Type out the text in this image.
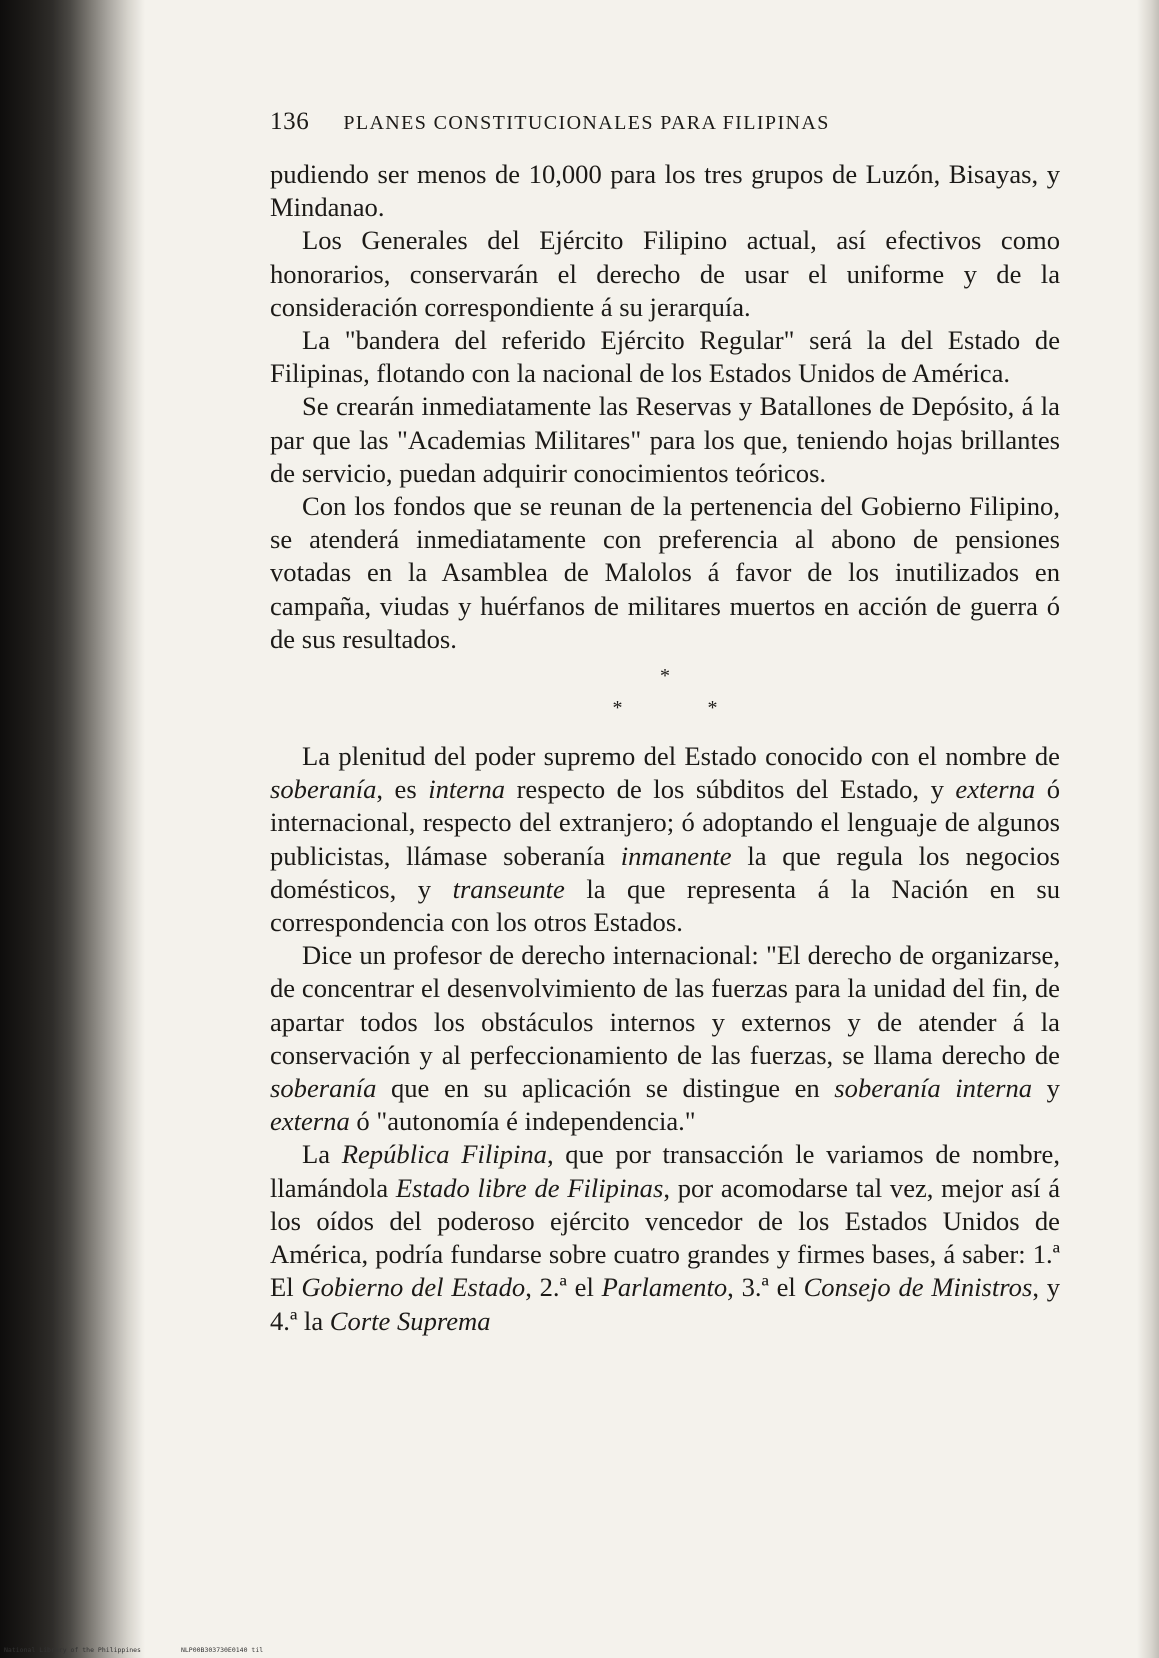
136 PLANES CONSTITUCIONALES PARA FILIPINAS

pudiendo ser menos de 10,000 para los tres grupos de Luzón, Bisayas, y Mindanao.

Los Generales del Ejército Filipino actual, así efectivos como honorarios, conservarán el derecho de usar el uniforme y de la consideración correspondiente á su jerarquía.

La "bandera del referido Ejército Regular" será la del Estado de Filipinas, flotando con la nacional de los Estados Unidos de América.

Se crearán inmediatamente las Reservas y Batallones de Depósito, á la par que las "Academias Militares" para los que, teniendo hojas brillantes de servicio, puedan adquirir conocimientos teóricos.

Con los fondos que se reunan de la pertenencia del Gobierno Filipino, se atenderá inmediatamente con preferencia al abono de pensiones votadas en la Asamblea de Malolos á favor de los inutilizados en campaña, viudas y huérfanos de militares muertos en acción de guerra ó de sus resultados.

*
* *

La plenitud del poder supremo del Estado conocido con el nombre de soberanía, es interna respecto de los súbditos del Estado, y externa ó internacional, respecto del extranjero; ó adoptando el lenguaje de algunos publicistas, llámase soberanía inmanente la que regula los negocios domésticos, y transeunte la que representa á la Nación en su correspondencia con los otros Estados.

Dice un profesor de derecho internacional: "El derecho de organizarse, de concentrar el desenvolvimiento de las fuerzas para la unidad del fin, de apartar todos los obstáculos internos y externos y de atender á la conservación y al perfeccionamiento de las fuerzas, se llama derecho de soberanía que en su aplicación se distingue en soberanía interna y externa ó "autonomía é independencia."

La República Filipina, que por transacción le variamos de nombre, llamándola Estado libre de Filipinas, por acomodarse tal vez, mejor así á los oídos del poderoso ejército vencedor de los Estados Unidos de América, podría fundarse sobre cuatro grandes y firmes bases, á saber: 1.ª El Gobierno del Estado, 2.ª el Parlamento, 3.ª el Consejo de Ministros, y 4.ª la Corte Suprema

National Library of the Philippines	NLP00B303730E0140 til
